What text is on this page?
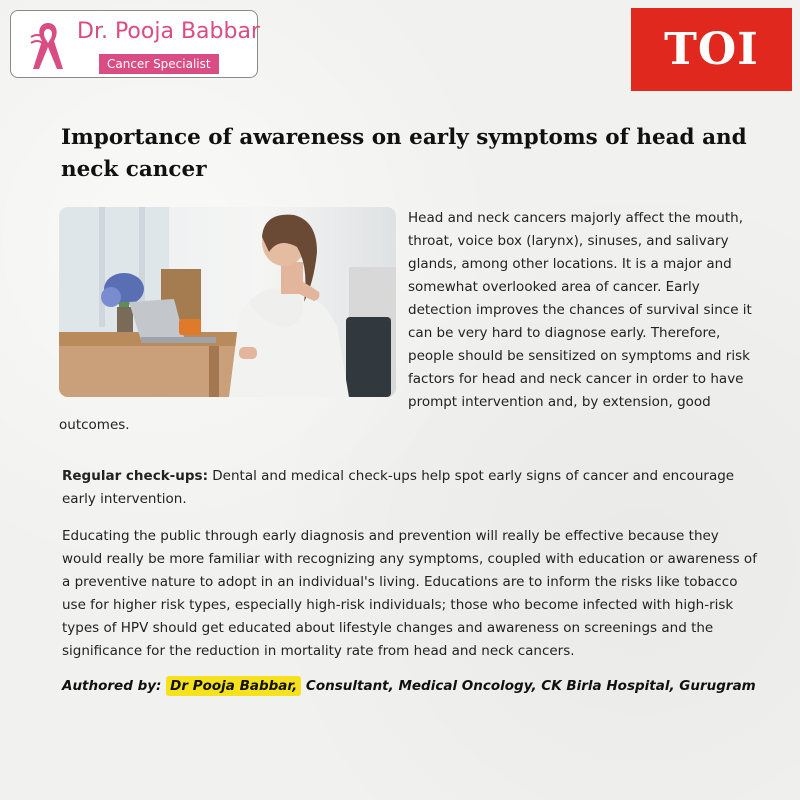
Dr. Pooja Babbar
Cancer Specialist	TOI
Importance of awareness on early symptoms of head and neck cancer

Head and neck cancers majorly affect the mouth, throat, voice box (larynx), sinuses, and salivary glands, among other locations. It is a major and somewhat overlooked area of cancer. Early detection improves the chances of survival since it can be very hard to diagnose early. Therefore, people should be sensitized on symptoms and risk factors for head and neck cancer in order to have prompt intervention and, by extension, good outcomes.

Regular check-ups: Dental and medical check-ups help spot early signs of cancer and encourage early intervention.

Educating the public through early diagnosis and prevention will really be effective because they would really be more familiar with recognizing any symptoms, coupled with education or awareness of a preventive nature to adopt in an individual's living. Educations are to inform the risks like tobacco use for higher risk types, especially high-risk individuals; those who become infected with high-risk types of HPV should get educated about lifestyle changes and awareness on screenings and the significance for the reduction in mortality rate from head and neck cancers.

Authored by: Dr Pooja Babbar, Consultant, Medical Oncology, CK Birla Hospital, Gurugram
